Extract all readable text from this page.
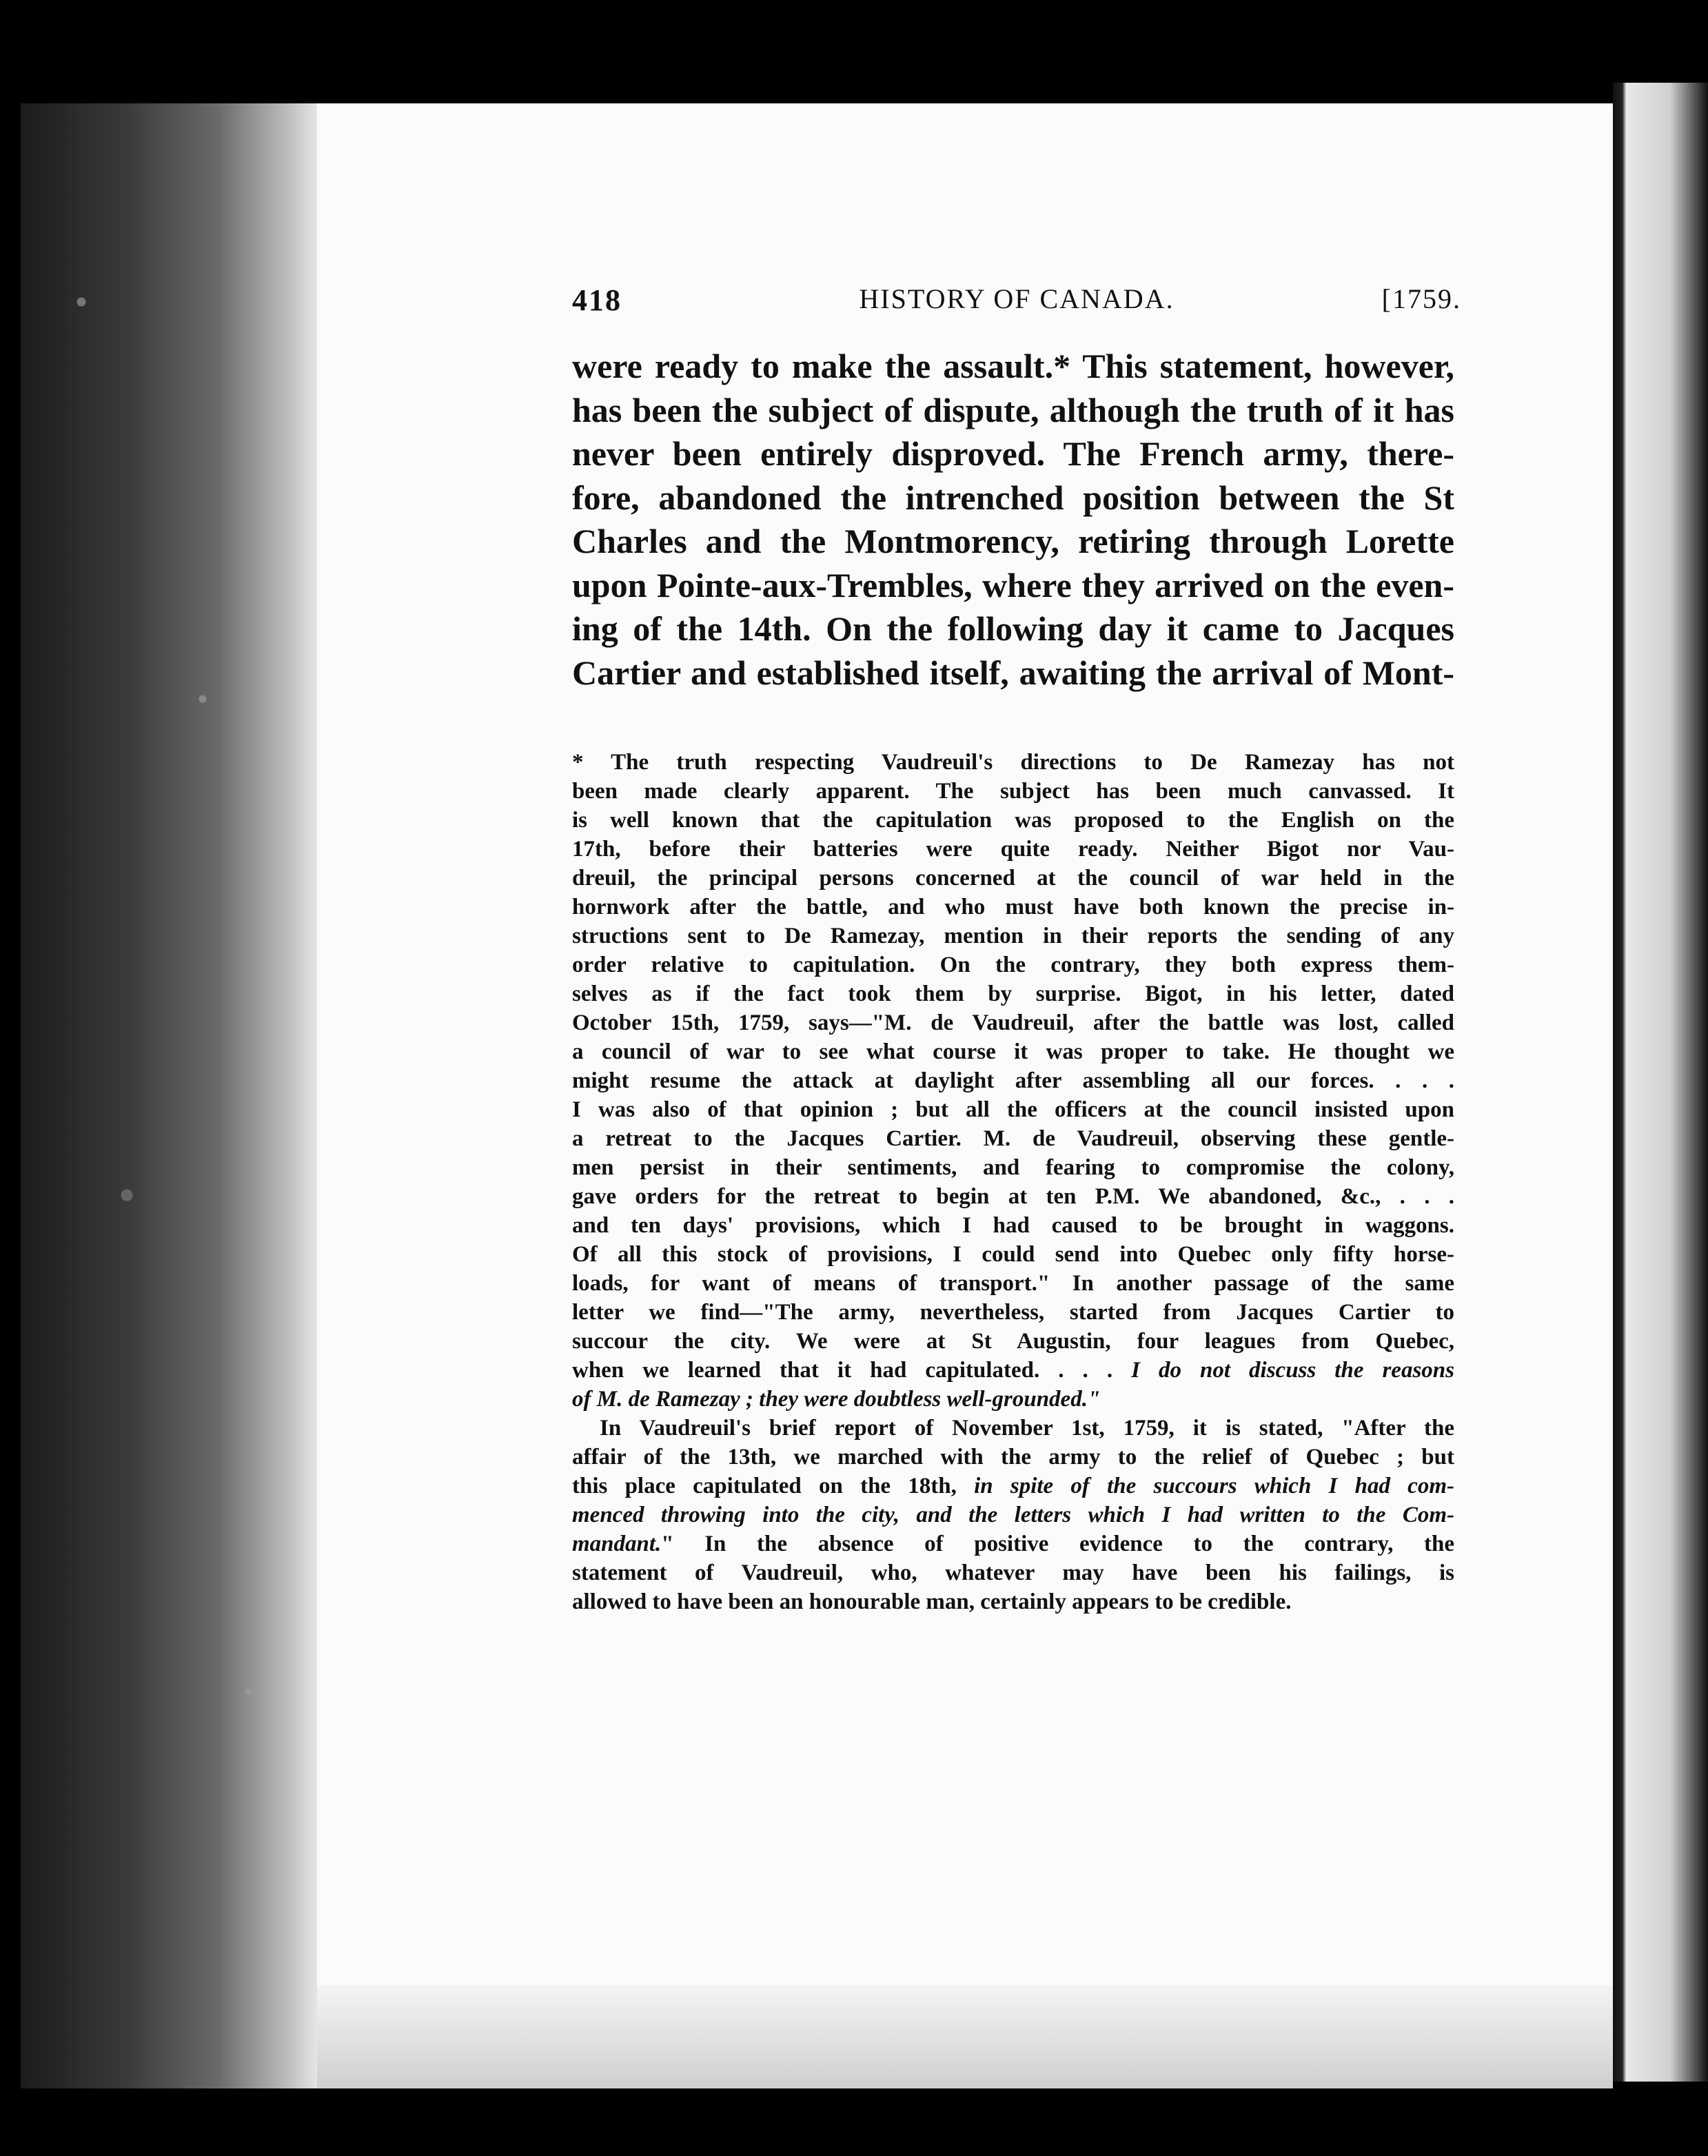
418	HISTORY OF CANADA.	[1759.
were ready to make the assault.* This statement, however,
has been the subject of dispute, although the truth of it has
never been entirely disproved. The French army, there-
fore, abandoned the intrenched position between the St
Charles and the Montmorency, retiring through Lorette
upon Pointe-aux-Trembles, where they arrived on the even-
ing of the 14th. On the following day it came to Jacques
Cartier and established itself, awaiting the arrival of Mont-
* The truth respecting Vaudreuil's directions to De Ramezay has not
been made clearly apparent. The subject has been much canvassed. It
is well known that the capitulation was proposed to the English on the
17th, before their batteries were quite ready. Neither Bigot nor Vau-
dreuil, the principal persons concerned at the council of war held in the
hornwork after the battle, and who must have both known the precise in-
structions sent to De Ramezay, mention in their reports the sending of any
order relative to capitulation. On the contrary, they both express them-
selves as if the fact took them by surprise. Bigot, in his letter, dated
October 15th, 1759, says—"M. de Vaudreuil, after the battle was lost, called
a council of war to see what course it was proper to take. He thought we
might resume the attack at daylight after assembling all our forces. . . .
I was also of that opinion ; but all the officers at the council insisted upon
a retreat to the Jacques Cartier. M. de Vaudreuil, observing these gentle-
men persist in their sentiments, and fearing to compromise the colony,
gave orders for the retreat to begin at ten P.M. We abandoned, &c., . . .
and ten days' provisions, which I had caused to be brought in waggons.
Of all this stock of provisions, I could send into Quebec only fifty horse-
loads, for want of means of transport." In another passage of the same
letter we find—"The army, nevertheless, started from Jacques Cartier to
succour the city. We were at St Augustin, four leagues from Quebec,
when we learned that it had capitulated. . . . I do not discuss the reasons
of M. de Ramezay ; they were doubtless well-grounded."
In Vaudreuil's brief report of November 1st, 1759, it is stated, "After the
affair of the 13th, we marched with the army to the relief of Quebec ; but
this place capitulated on the 18th, in spite of the succours which I had com-
menced throwing into the city, and the letters which I had written to the Com-
mandant." In the absence of positive evidence to the contrary, the
statement of Vaudreuil, who, whatever may have been his failings, is
allowed to have been an honourable man, certainly appears to be credible.
